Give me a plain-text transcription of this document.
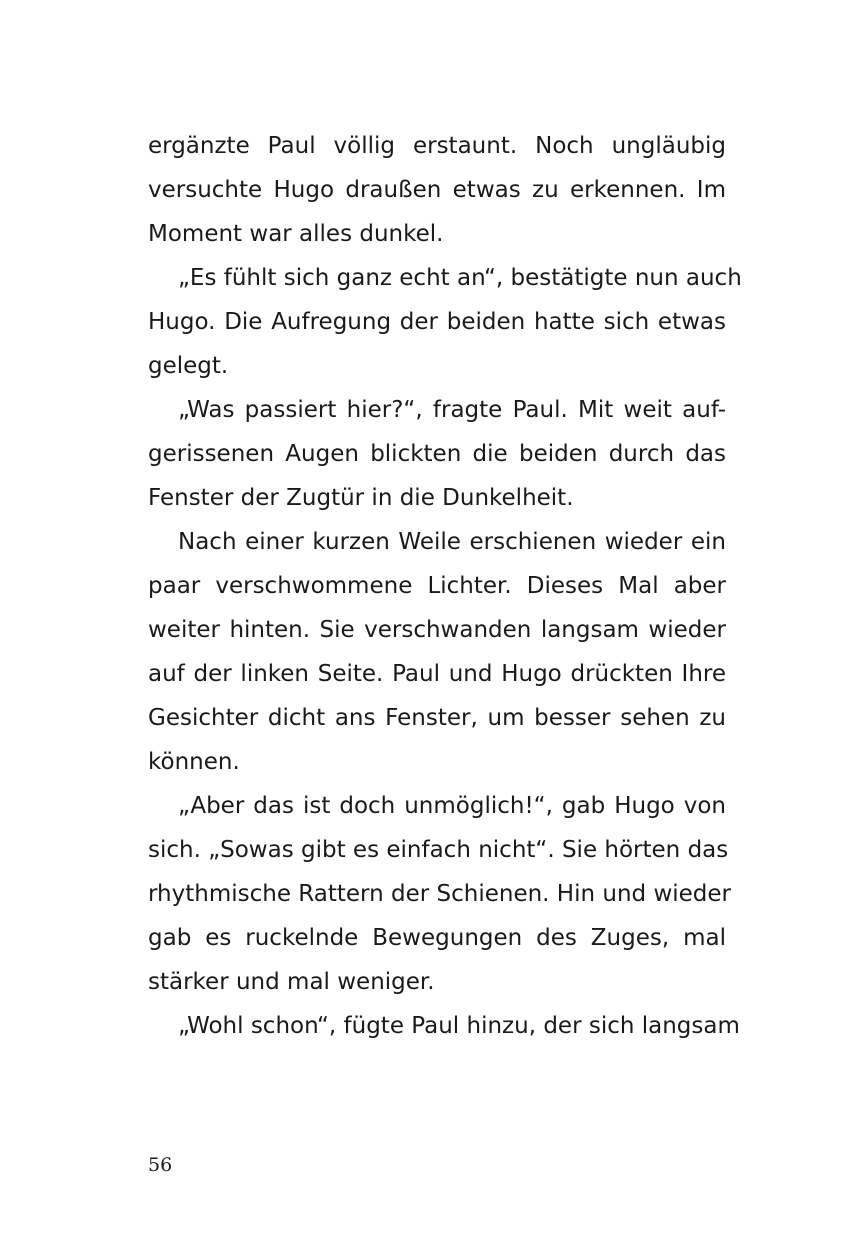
ergänzte Paul völlig erstaunt. Noch ungläubig
versuchte Hugo draußen etwas zu erkennen. Im
Moment war alles dunkel.
„Es fühlt sich ganz echt an“, bestätigte nun auch
Hugo. Die Aufregung der beiden hatte sich etwas
gelegt.
„Was passiert hier?“, fragte Paul. Mit weit auf-
gerissenen Augen blickten die beiden durch das
Fenster der Zugtür in die Dunkelheit.
Nach einer kurzen Weile erschienen wieder ein
paar verschwommene Lichter. Dieses Mal aber
weiter hinten. Sie verschwanden langsam wieder
auf der linken Seite. Paul und Hugo drückten Ihre
Gesichter dicht ans Fenster, um besser sehen zu
können.
„Aber das ist doch unmöglich!“, gab Hugo von
sich. „Sowas gibt es einfach nicht“. Sie hörten das
rhythmische Rattern der Schienen. Hin und wieder
gab es ruckelnde Bewegungen des Zuges, mal
stärker und mal weniger.
„Wohl schon“, fügte Paul hinzu, der sich langsam
56
